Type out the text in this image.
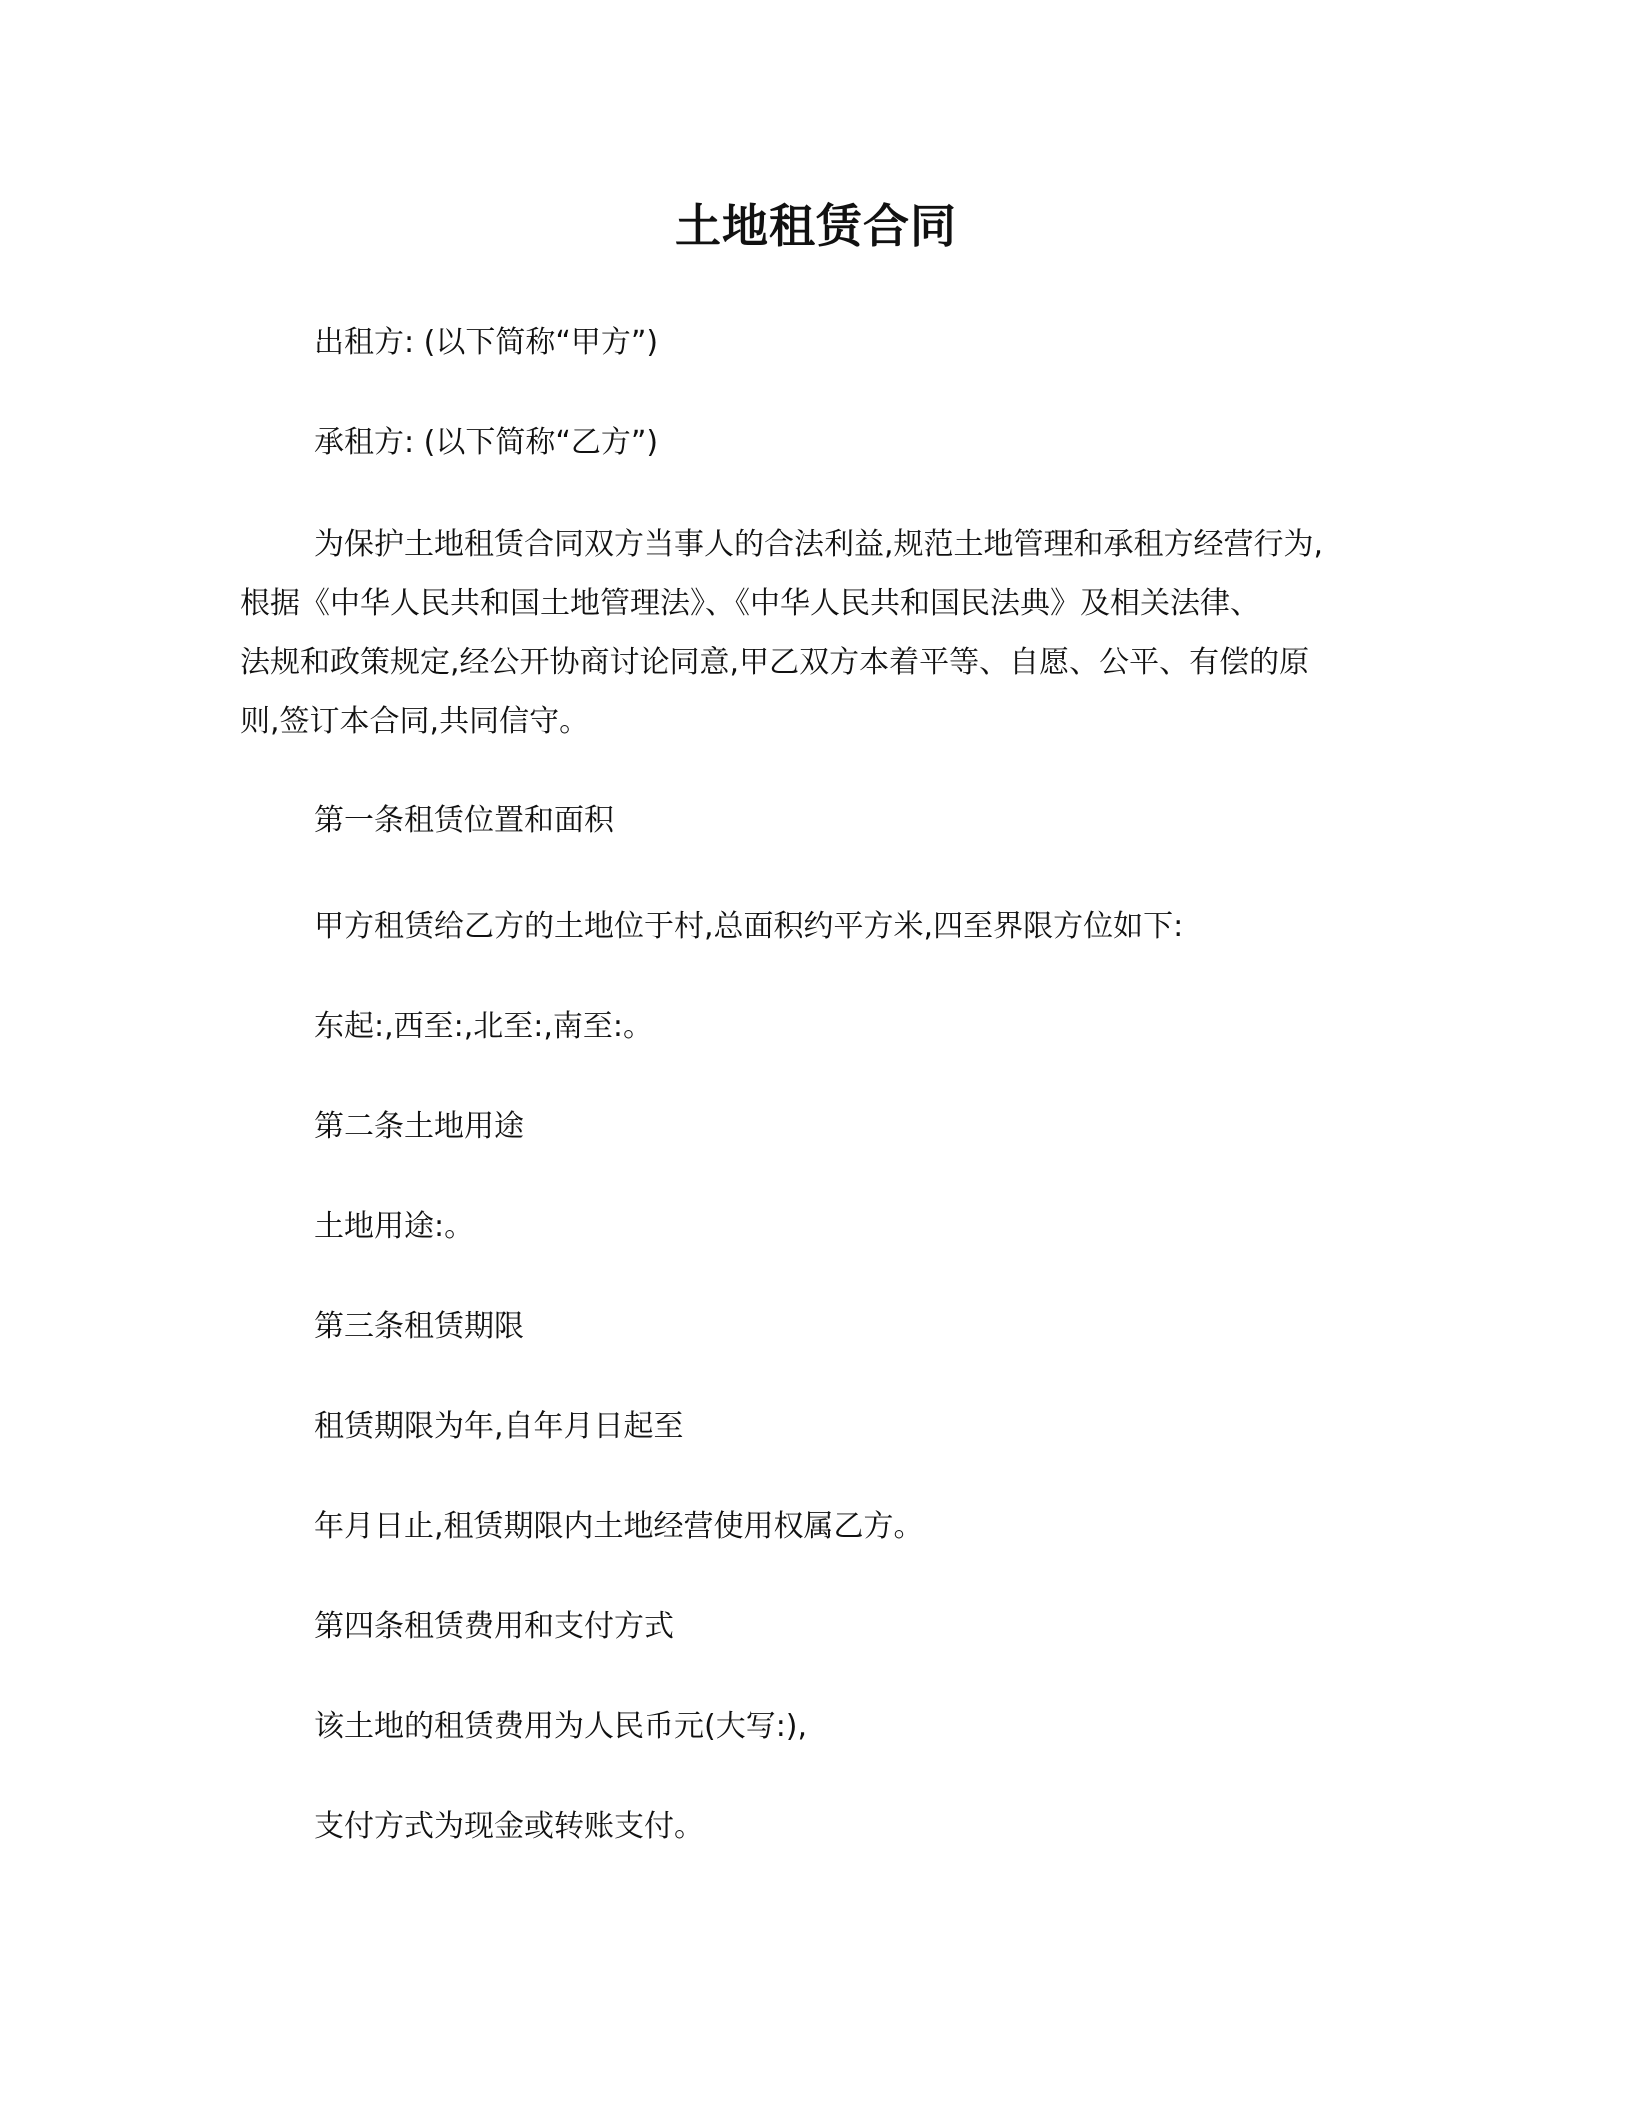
土地租赁合同
出租方: (以下简称“甲方”)
承租方: (以下简称“乙方”)
为保护土地租赁合同双方当事人的合法利益,规范土地管理和承租方经营行为,
根据《中华人民共和国土地管理法》、《中华人民共和国民法典》及相关法律、
法规和政策规定,经公开协商讨论同意,甲乙双方本着平等、自愿、公平、有偿的原
则,签订本合同,共同信守。
第一条租赁位置和面积
甲方租赁给乙方的土地位于村,总面积约平方米,四至界限方位如下:
东起:,西至:,北至:,南至:。
第二条土地用途
土地用途:。
第三条租赁期限
租赁期限为年,自年月日起至
年月日止,租赁期限内土地经营使用权属乙方。
第四条租赁费用和支付方式
该土地的租赁费用为人民币元(大写:),
支付方式为现金或转账支付。
